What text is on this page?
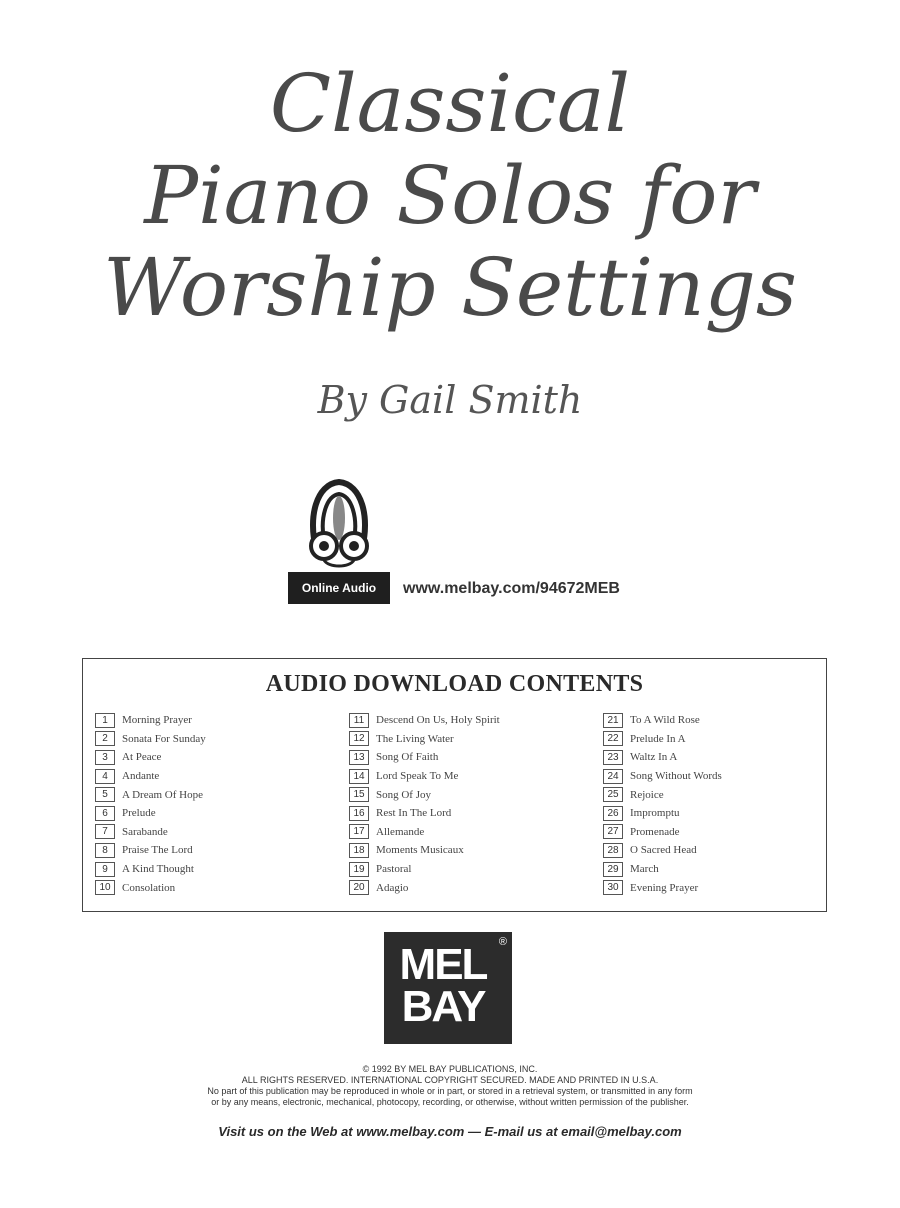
Classical
Piano Solos for
Worship Settings
By Gail Smith
Online Audio	www.melbay.com/94672MEB
AUDIO DOWNLOAD CONTENTS
1	Morning Prayer
2	Sonata For Sunday
3	At Peace
4	Andante
5	A Dream Of Hope
6	Prelude
7	Sarabande
8	Praise The Lord
9	A Kind Thought
10	Consolation
11	Descend On Us, Holy Spirit
12	The Living Water
13	Song Of Faith
14	Lord Speak To Me
15	Song Of Joy
16	Rest In The Lord
17	Allemande
18	Moments Musicaux
19	Pastoral
20	Adagio
21	To A Wild Rose
22	Prelude In A
23	Waltz In A
24	Song Without Words
25	Rejoice
26	Impromptu
27	Promenade
28	O Sacred Head
29	March
30	Evening Prayer
MEL
BAY
®
© 1992 BY MEL BAY PUBLICATIONS, INC.
ALL RIGHTS RESERVED. INTERNATIONAL COPYRIGHT SECURED. MADE AND PRINTED IN U.S.A.
No part of this publication may be reproduced in whole or in part, or stored in a retrieval system, or transmitted in any form
or by any means, electronic, mechanical, photocopy, recording, or otherwise, without written permission of the publisher.
Visit us on the Web at www.melbay.com — E-mail us at email@melbay.com
